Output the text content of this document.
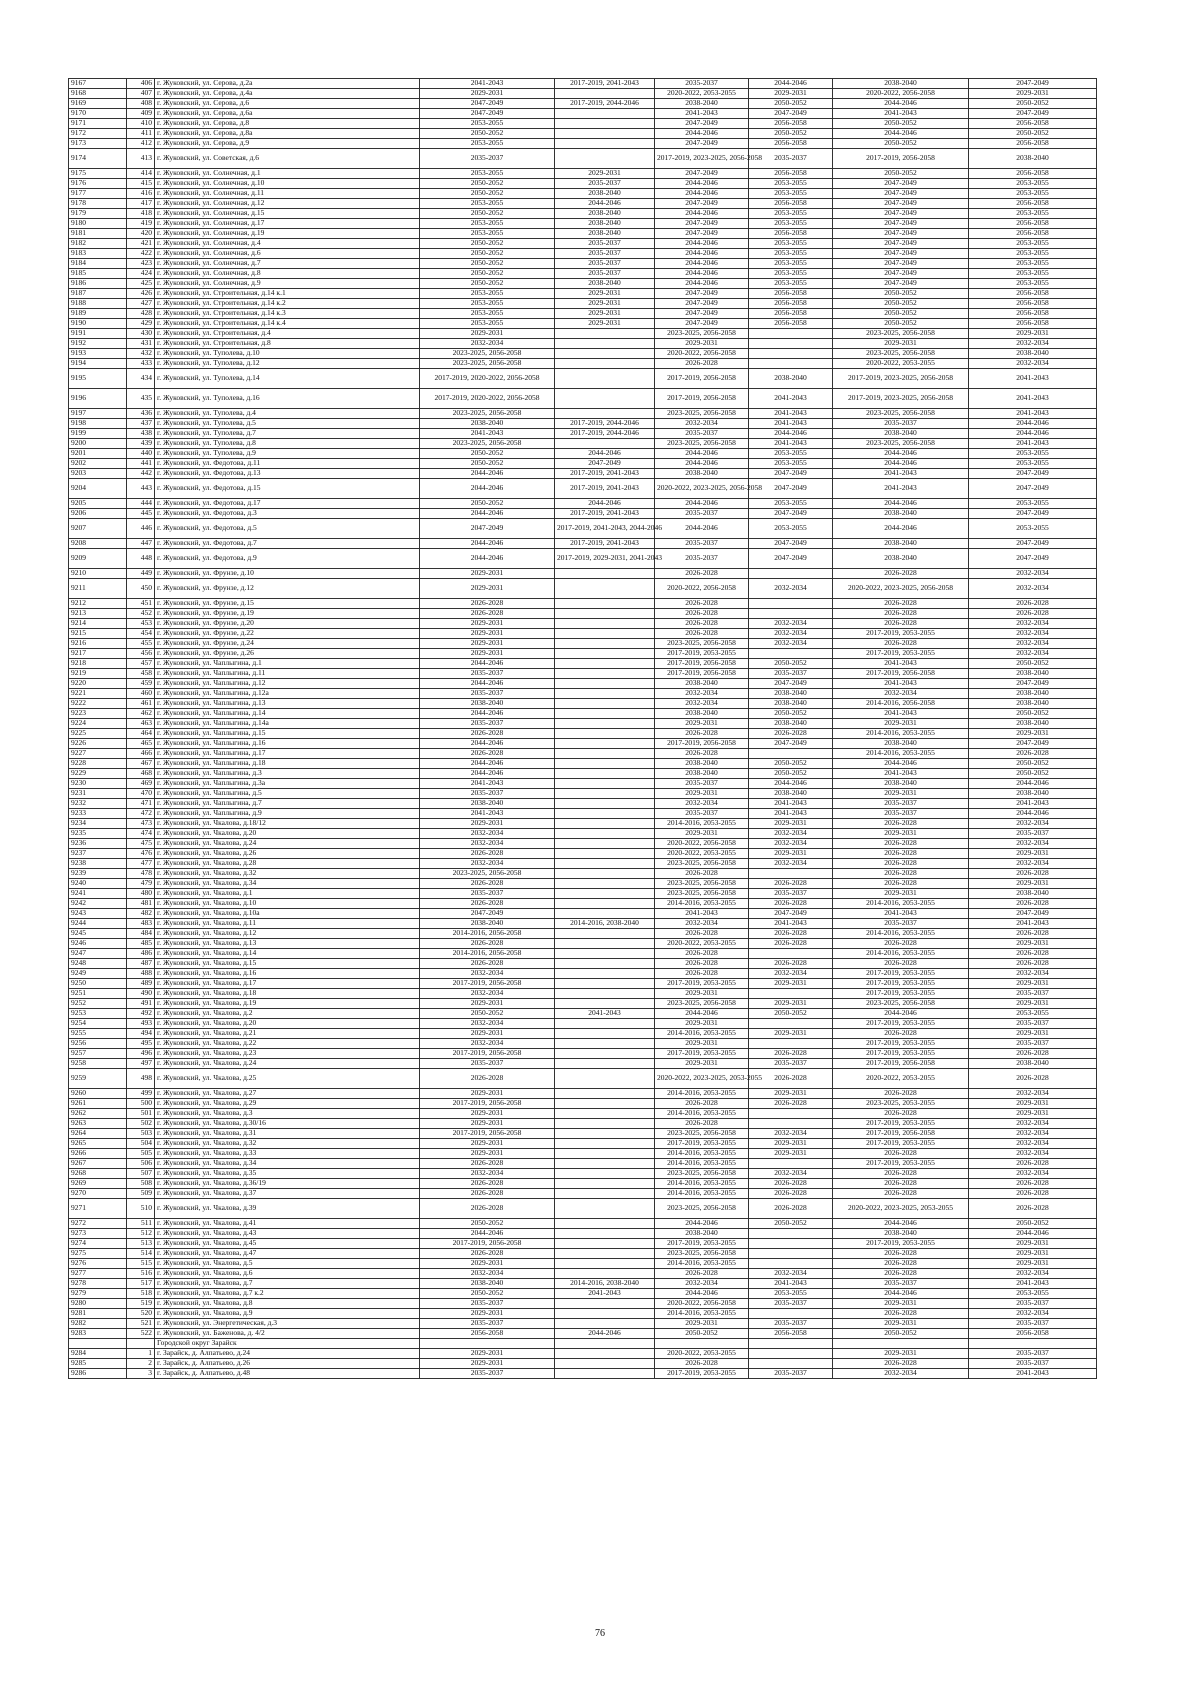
9167	406	г. Жуковский, ул. Серова, д.2а	2041-2043	2017-2019, 2041-2043	2035-2037	2044-2046	2038-2040	2047-2049
9168	407	г. Жуковский, ул. Серова, д.4а	2029-2031		2020-2022, 2053-2055	2029-2031	2020-2022, 2056-2058	2029-2031
9169	408	г. Жуковский, ул. Серова, д.6	2047-2049	2017-2019, 2044-2046	2038-2040	2050-2052	2044-2046	2050-2052
9170	409	г. Жуковский, ул. Серова, д.6а	2047-2049		2041-2043	2047-2049	2041-2043	2047-2049
9171	410	г. Жуковский, ул. Серова, д.8	2053-2055		2047-2049	2056-2058	2050-2052	2056-2058
9172	411	г. Жуковский, ул. Серова, д.8а	2050-2052		2044-2046	2050-2052	2044-2046	2050-2052
9173	412	г. Жуковский, ул. Серова, д.9	2053-2055		2047-2049	2056-2058	2050-2052	2056-2058
9174	413	г. Жуковский, ул. Советская, д.6	2035-2037		2017-2019, 2023-2025, 2056-2058	2035-2037	2017-2019, 2056-2058	2038-2040
9175	414	г. Жуковский, ул. Солнечная, д.1	2053-2055	2029-2031	2047-2049	2056-2058	2050-2052	2056-2058
9176	415	г. Жуковский, ул. Солнечная, д.10	2050-2052	2035-2037	2044-2046	2053-2055	2047-2049	2053-2055
9177	416	г. Жуковский, ул. Солнечная, д.11	2050-2052	2038-2040	2044-2046	2053-2055	2047-2049	2053-2055
9178	417	г. Жуковский, ул. Солнечная, д.12	2053-2055	2044-2046	2047-2049	2056-2058	2047-2049	2056-2058
9179	418	г. Жуковский, ул. Солнечная, д.15	2050-2052	2038-2040	2044-2046	2053-2055	2047-2049	2053-2055
9180	419	г. Жуковский, ул. Солнечная, д.17	2053-2055	2038-2040	2047-2049	2053-2055	2047-2049	2056-2058
9181	420	г. Жуковский, ул. Солнечная, д.19	2053-2055	2038-2040	2047-2049	2056-2058	2047-2049	2056-2058
9182	421	г. Жуковский, ул. Солнечная, д.4	2050-2052	2035-2037	2044-2046	2053-2055	2047-2049	2053-2055
9183	422	г. Жуковский, ул. Солнечная, д.6	2050-2052	2035-2037	2044-2046	2053-2055	2047-2049	2053-2055
9184	423	г. Жуковский, ул. Солнечная, д.7	2050-2052	2035-2037	2044-2046	2053-2055	2047-2049	2053-2055
9185	424	г. Жуковский, ул. Солнечная, д.8	2050-2052	2035-2037	2044-2046	2053-2055	2047-2049	2053-2055
9186	425	г. Жуковский, ул. Солнечная, д.9	2050-2052	2038-2040	2044-2046	2053-2055	2047-2049	2053-2055
9187	426	г. Жуковский, ул. Строительная, д.14 к.1	2053-2055	2029-2031	2047-2049	2056-2058	2050-2052	2056-2058
9188	427	г. Жуковский, ул. Строительная, д.14 к.2	2053-2055	2029-2031	2047-2049	2056-2058	2050-2052	2056-2058
9189	428	г. Жуковский, ул. Строительная, д.14 к.3	2053-2055	2029-2031	2047-2049	2056-2058	2050-2052	2056-2058
9190	429	г. Жуковский, ул. Строительная, д.14 к.4	2053-2055	2029-2031	2047-2049	2056-2058	2050-2052	2056-2058
9191	430	г. Жуковский, ул. Строительная, д.4	2029-2031		2023-2025, 2056-2058		2023-2025, 2056-2058	2029-2031
9192	431	г. Жуковский, ул. Строительная, д.8	2032-2034		2029-2031		2029-2031	2032-2034
9193	432	г. Жуковский, ул. Туполева, д.10	2023-2025, 2056-2058		2020-2022, 2056-2058		2023-2025, 2056-2058	2038-2040
9194	433	г. Жуковский, ул. Туполева, д.12	2023-2025, 2056-2058		2026-2028		2020-2022, 2053-2055	2032-2034
9195	434	г. Жуковский, ул. Туполева, д.14	2017-2019, 2020-2022, 2056-2058		2017-2019, 2056-2058	2038-2040	2017-2019, 2023-2025, 2056-2058	2041-2043
9196	435	г. Жуковский, ул. Туполева, д.16	2017-2019, 2020-2022, 2056-2058		2017-2019, 2056-2058	2041-2043	2017-2019, 2023-2025, 2056-2058	2041-2043
9197	436	г. Жуковский, ул. Туполева, д.4	2023-2025, 2056-2058		2023-2025, 2056-2058	2041-2043	2023-2025, 2056-2058	2041-2043
9198	437	г. Жуковский, ул. Туполева, д.5	2038-2040	2017-2019, 2044-2046	2032-2034	2041-2043	2035-2037	2044-2046
9199	438	г. Жуковский, ул. Туполева, д.7	2041-2043	2017-2019, 2044-2046	2035-2037	2044-2046	2038-2040	2044-2046
9200	439	г. Жуковский, ул. Туполева, д.8	2023-2025, 2056-2058		2023-2025, 2056-2058	2041-2043	2023-2025, 2056-2058	2041-2043
9201	440	г. Жуковский, ул. Туполева, д.9	2050-2052	2044-2046	2044-2046	2053-2055	2044-2046	2053-2055
9202	441	г. Жуковский, ул. Федотова, д.11	2050-2052	2047-2049	2044-2046	2053-2055	2044-2046	2053-2055
9203	442	г. Жуковский, ул. Федотова, д.13	2044-2046	2017-2019, 2041-2043	2038-2040	2047-2049	2041-2043	2047-2049
9204	443	г. Жуковский, ул. Федотова, д.15	2044-2046	2017-2019, 2041-2043	2020-2022, 2023-2025, 2056-2058	2047-2049	2041-2043	2047-2049
9205	444	г. Жуковский, ул. Федотова, д.17	2050-2052	2044-2046	2044-2046	2053-2055	2044-2046	2053-2055
9206	445	г. Жуковский, ул. Федотова, д.3	2044-2046	2017-2019, 2041-2043	2035-2037	2047-2049	2038-2040	2047-2049
9207	446	г. Жуковский, ул. Федотова, д.5	2047-2049	2017-2019, 2041-2043, 2044-2046	2044-2046	2053-2055	2044-2046	2053-2055
9208	447	г. Жуковский, ул. Федотова, д.7	2044-2046	2017-2019, 2041-2043	2035-2037	2047-2049	2038-2040	2047-2049
9209	448	г. Жуковский, ул. Федотова, д.9	2044-2046	2017-2019, 2029-2031, 2041-2043	2035-2037	2047-2049	2038-2040	2047-2049
9210	449	г. Жуковский, ул. Фрунзе, д.10	2029-2031		2026-2028		2026-2028	2032-2034
9211	450	г. Жуковский, ул. Фрунзе, д.12	2029-2031		2020-2022, 2056-2058	2032-2034	2020-2022, 2023-2025, 2056-2058	2032-2034
9212	451	г. Жуковский, ул. Фрунзе, д.15	2026-2028		2026-2028		2026-2028	2026-2028
9213	452	г. Жуковский, ул. Фрунзе, д.19	2026-2028		2026-2028		2026-2028	2026-2028
9214	453	г. Жуковский, ул. Фрунзе, д.20	2029-2031		2026-2028	2032-2034	2026-2028	2032-2034
9215	454	г. Жуковский, ул. Фрунзе, д.22	2029-2031		2026-2028	2032-2034	2017-2019, 2053-2055	2032-2034
9216	455	г. Жуковский, ул. Фрунзе, д.24	2029-2031		2023-2025, 2056-2058	2032-2034	2026-2028	2032-2034
9217	456	г. Жуковский, ул. Фрунзе, д.26	2029-2031		2017-2019, 2053-2055		2017-2019, 2053-2055	2032-2034
9218	457	г. Жуковский, ул. Чаплыгина, д.1	2044-2046		2017-2019, 2056-2058	2050-2052	2041-2043	2050-2052
9219	458	г. Жуковский, ул. Чаплыгина, д.11	2035-2037		2017-2019, 2056-2058	2035-2037	2017-2019, 2056-2058	2038-2040
9220	459	г. Жуковский, ул. Чаплыгина, д.12	2044-2046		2038-2040	2047-2049	2041-2043	2047-2049
9221	460	г. Жуковский, ул. Чаплыгина, д.12а	2035-2037		2032-2034	2038-2040	2032-2034	2038-2040
9222	461	г. Жуковский, ул. Чаплыгина, д.13	2038-2040		2032-2034	2038-2040	2014-2016, 2056-2058	2038-2040
9223	462	г. Жуковский, ул. Чаплыгина, д.14	2044-2046		2038-2040	2050-2052	2041-2043	2050-2052
9224	463	г. Жуковский, ул. Чаплыгина, д.14а	2035-2037		2029-2031	2038-2040	2029-2031	2038-2040
9225	464	г. Жуковский, ул. Чаплыгина, д.15	2026-2028		2026-2028	2026-2028	2014-2016, 2053-2055	2029-2031
9226	465	г. Жуковский, ул. Чаплыгина, д.16	2044-2046		2017-2019, 2056-2058	2047-2049	2038-2040	2047-2049
9227	466	г. Жуковский, ул. Чаплыгина, д.17	2026-2028		2026-2028		2014-2016, 2053-2055	2026-2028
9228	467	г. Жуковский, ул. Чаплыгина, д.18	2044-2046		2038-2040	2050-2052	2044-2046	2050-2052
9229	468	г. Жуковский, ул. Чаплыгина, д.3	2044-2046		2038-2040	2050-2052	2041-2043	2050-2052
9230	469	г. Жуковский, ул. Чаплыгина, д.3а	2041-2043		2035-2037	2044-2046	2038-2040	2044-2046
9231	470	г. Жуковский, ул. Чаплыгина, д.5	2035-2037		2029-2031	2038-2040	2029-2031	2038-2040
9232	471	г. Жуковский, ул. Чаплыгина, д.7	2038-2040		2032-2034	2041-2043	2035-2037	2041-2043
9233	472	г. Жуковский, ул. Чаплыгина, д.9	2041-2043		2035-2037	2041-2043	2035-2037	2044-2046
9234	473	г. Жуковский, ул. Чкалова, д.18/12	2029-2031		2014-2016, 2053-2055	2029-2031	2026-2028	2032-2034
9235	474	г. Жуковский, ул. Чкалова, д.20	2032-2034		2029-2031	2032-2034	2029-2031	2035-2037
9236	475	г. Жуковский, ул. Чкалова, д.24	2032-2034		2020-2022, 2056-2058	2032-2034	2026-2028	2032-2034
9237	476	г. Жуковский, ул. Чкалова, д.26	2026-2028		2020-2022, 2053-2055	2029-2031	2026-2028	2029-2031
9238	477	г. Жуковский, ул. Чкалова, д.28	2032-2034		2023-2025, 2056-2058	2032-2034	2026-2028	2032-2034
9239	478	г. Жуковский, ул. Чкалова, д.32	2023-2025, 2056-2058		2026-2028		2026-2028	2026-2028
9240	479	г. Жуковский, ул. Чкалова, д.34	2026-2028		2023-2025, 2056-2058	2026-2028	2026-2028	2029-2031
9241	480	г. Жуковский, ул. Чкалова, д.1	2035-2037		2023-2025, 2056-2058	2035-2037	2029-2031	2038-2040
9242	481	г. Жуковский, ул. Чкалова, д.10	2026-2028		2014-2016, 2053-2055	2026-2028	2014-2016, 2053-2055	2026-2028
9243	482	г. Жуковский, ул. Чкалова, д.10а	2047-2049		2041-2043	2047-2049	2041-2043	2047-2049
9244	483	г. Жуковский, ул. Чкалова, д.11	2038-2040	2014-2016, 2038-2040	2032-2034	2041-2043	2035-2037	2041-2043
9245	484	г. Жуковский, ул. Чкалова, д.12	2014-2016, 2056-2058		2026-2028	2026-2028	2014-2016, 2053-2055	2026-2028
9246	485	г. Жуковский, ул. Чкалова, д.13	2026-2028		2020-2022, 2053-2055	2026-2028	2026-2028	2029-2031
9247	486	г. Жуковский, ул. Чкалова, д.14	2014-2016, 2056-2058		2026-2028		2014-2016, 2053-2055	2026-2028
9248	487	г. Жуковский, ул. Чкалова, д.15	2026-2028		2026-2028	2026-2028	2026-2028	2026-2028
9249	488	г. Жуковский, ул. Чкалова, д.16	2032-2034		2026-2028	2032-2034	2017-2019, 2053-2055	2032-2034
9250	489	г. Жуковский, ул. Чкалова, д.17	2017-2019, 2056-2058		2017-2019, 2053-2055	2029-2031	2017-2019, 2053-2055	2029-2031
9251	490	г. Жуковский, ул. Чкалова, д.18	2032-2034		2029-2031		2017-2019, 2053-2055	2035-2037
9252	491	г. Жуковский, ул. Чкалова, д.19	2029-2031		2023-2025, 2056-2058	2029-2031	2023-2025, 2056-2058	2029-2031
9253	492	г. Жуковский, ул. Чкалова, д.2	2050-2052	2041-2043	2044-2046	2050-2052	2044-2046	2053-2055
9254	493	г. Жуковский, ул. Чкалова, д.20	2032-2034		2029-2031		2017-2019, 2053-2055	2035-2037
9255	494	г. Жуковский, ул. Чкалова, д.21	2029-2031		2014-2016, 2053-2055	2029-2031	2026-2028	2029-2031
9256	495	г. Жуковский, ул. Чкалова, д.22	2032-2034		2029-2031		2017-2019, 2053-2055	2035-2037
9257	496	г. Жуковский, ул. Чкалова, д.23	2017-2019, 2056-2058		2017-2019, 2053-2055	2026-2028	2017-2019, 2053-2055	2026-2028
9258	497	г. Жуковский, ул. Чкалова, д.24	2035-2037		2029-2031	2035-2037	2017-2019, 2056-2058	2038-2040
9259	498	г. Жуковский, ул. Чкалова, д.25	2026-2028		2020-2022, 2023-2025, 2053-2055	2026-2028	2020-2022, 2053-2055	2026-2028
9260	499	г. Жуковский, ул. Чкалова, д.27	2029-2031		2014-2016, 2053-2055	2029-2031	2026-2028	2032-2034
9261	500	г. Жуковский, ул. Чкалова, д.29	2017-2019, 2056-2058		2026-2028	2026-2028	2023-2025, 2053-2055	2029-2031
9262	501	г. Жуковский, ул. Чкалова, д.3	2029-2031		2014-2016, 2053-2055		2026-2028	2029-2031
9263	502	г. Жуковский, ул. Чкалова, д.30/16	2029-2031		2026-2028		2017-2019, 2053-2055	2032-2034
9264	503	г. Жуковский, ул. Чкалова, д.31	2017-2019, 2056-2058		2023-2025, 2056-2058	2032-2034	2017-2019, 2056-2058	2032-2034
9265	504	г. Жуковский, ул. Чкалова, д.32	2029-2031		2017-2019, 2053-2055	2029-2031	2017-2019, 2053-2055	2032-2034
9266	505	г. Жуковский, ул. Чкалова, д.33	2029-2031		2014-2016, 2053-2055	2029-2031	2026-2028	2032-2034
9267	506	г. Жуковский, ул. Чкалова, д.34	2026-2028		2014-2016, 2053-2055		2017-2019, 2053-2055	2026-2028
9268	507	г. Жуковский, ул. Чкалова, д.35	2032-2034		2023-2025, 2056-2058	2032-2034	2026-2028	2032-2034
9269	508	г. Жуковский, ул. Чкалова, д.36/19	2026-2028		2014-2016, 2053-2055	2026-2028	2026-2028	2026-2028
9270	509	г. Жуковский, ул. Чкалова, д.37	2026-2028		2014-2016, 2053-2055	2026-2028	2026-2028	2026-2028
9271	510	г. Жуковский, ул. Чкалова, д.39	2026-2028		2023-2025, 2056-2058	2026-2028	2020-2022, 2023-2025, 2053-2055	2026-2028
9272	511	г. Жуковский, ул. Чкалова, д.41	2050-2052		2044-2046	2050-2052	2044-2046	2050-2052
9273	512	г. Жуковский, ул. Чкалова, д.43	2044-2046		2038-2040		2038-2040	2044-2046
9274	513	г. Жуковский, ул. Чкалова, д.45	2017-2019, 2056-2058		2017-2019, 2053-2055		2017-2019, 2053-2055	2029-2031
9275	514	г. Жуковский, ул. Чкалова, д.47	2026-2028		2023-2025, 2056-2058		2026-2028	2029-2031
9276	515	г. Жуковский, ул. Чкалова, д.5	2029-2031		2014-2016, 2053-2055		2026-2028	2029-2031
9277	516	г. Жуковский, ул. Чкалова, д.6	2032-2034		2026-2028	2032-2034	2026-2028	2032-2034
9278	517	г. Жуковский, ул. Чкалова, д.7	2038-2040	2014-2016, 2038-2040	2032-2034	2041-2043	2035-2037	2041-2043
9279	518	г. Жуковский, ул. Чкалова, д.7 к.2	2050-2052	2041-2043	2044-2046	2053-2055	2044-2046	2053-2055
9280	519	г. Жуковский, ул. Чкалова, д.8	2035-2037		2020-2022, 2056-2058	2035-2037	2029-2031	2035-2037
9281	520	г. Жуковский, ул. Чкалова, д.9	2029-2031		2014-2016, 2053-2055		2026-2028	2032-2034
9282	521	г. Жуковский, ул. Энергетическая, д.3	2035-2037		2029-2031	2035-2037	2029-2031	2035-2037
9283	522	г. Жуковский, ул. Баженова, д. 4/2	2056-2058	2044-2046	2050-2052	2056-2058	2050-2052	2056-2058
		Городской округ Зарайск						
9284	1	г. Зарайск, д. Алпатьево, д.24	2029-2031		2020-2022, 2053-2055		2029-2031	2035-2037
9285	2	г. Зарайск, д. Алпатьево, д.26	2029-2031		2026-2028		2026-2028	2035-2037
9286	3	г. Зарайск, д. Алпатьево, д.48	2035-2037		2017-2019, 2053-2055	2035-2037	2032-2034	2041-2043
76
